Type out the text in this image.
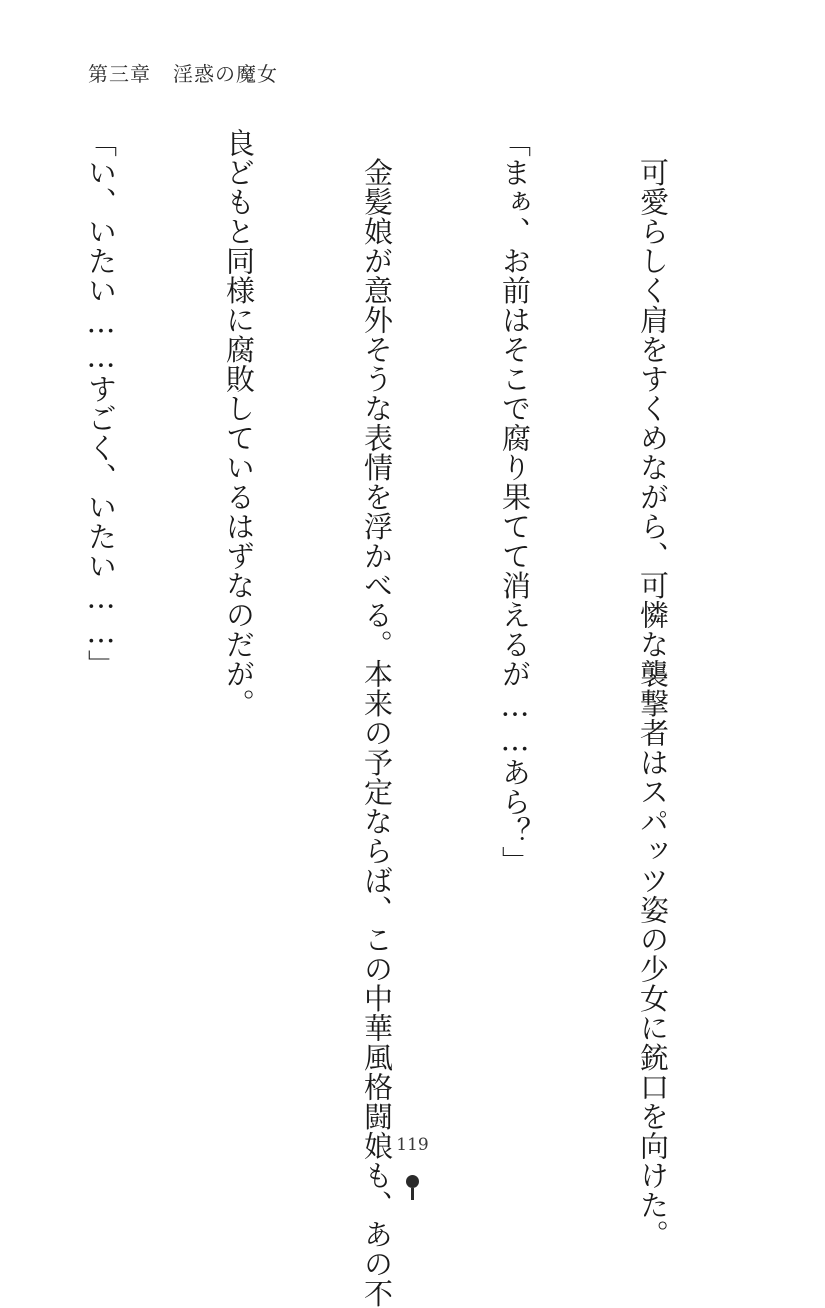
第三章 淫惑の魔女

　可愛らしく肩をすくめながら、可憐な襲撃者はスパッツ姿の少女に銃口を向けた。

「まぁ、お前はそこで腐り果てて消えるが……あら？」

　金髪娘が意外そうな表情を浮かべる。本来の予定ならば、この中華風格闘娘も、あの不

良どもと同様に腐敗しているはずなのだが。

「い、いたい……すごく、いたい……」

119
